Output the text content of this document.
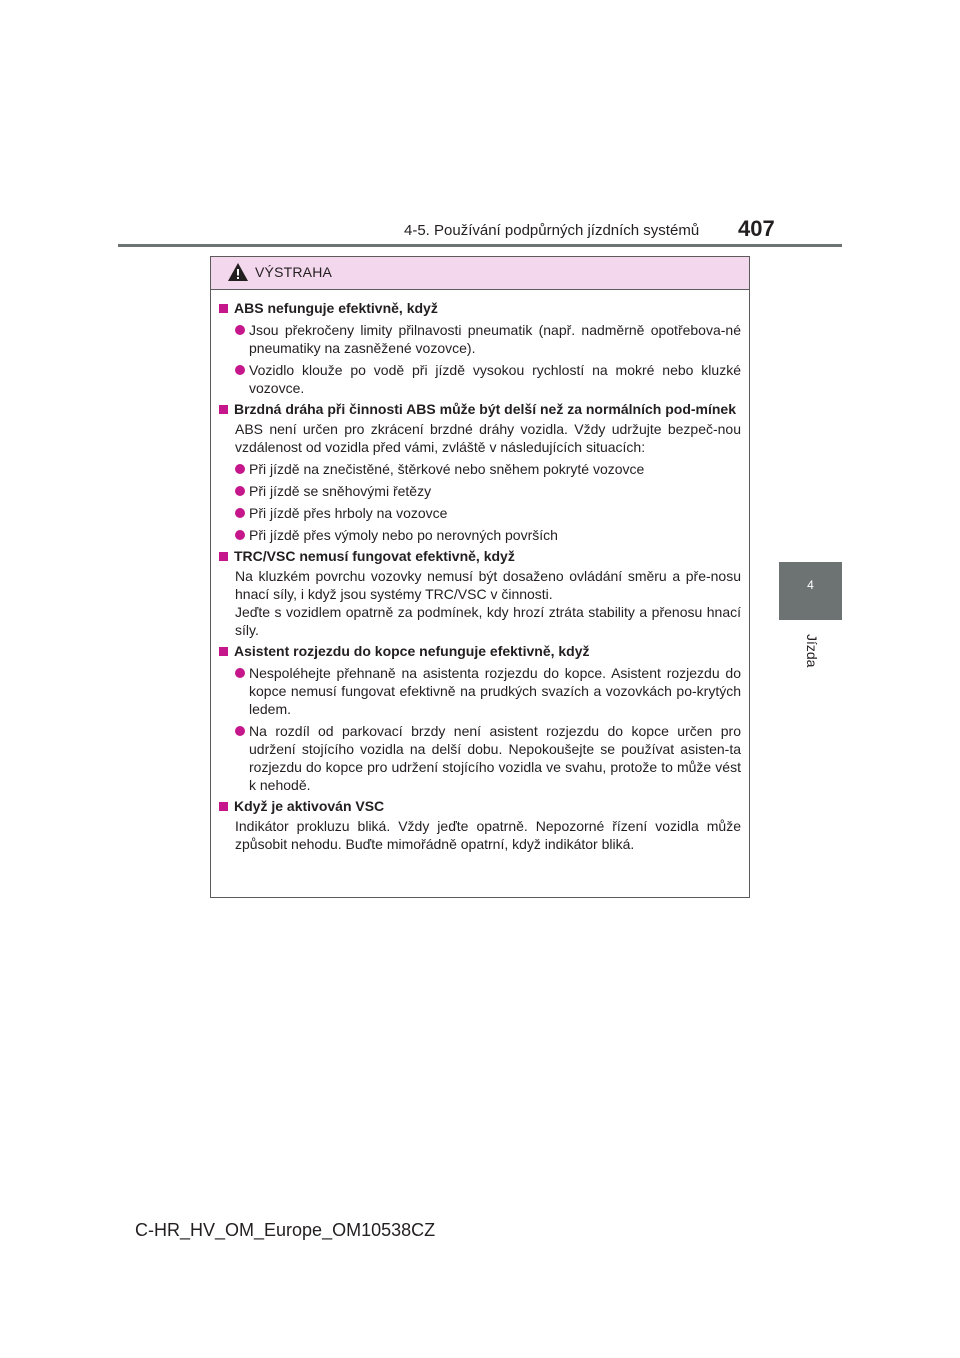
4-5. Používání podpůrných jízdních systémů 407
4
Jízda
VÝSTRAHA
ABS nefunguje efektivně, když
Jsou překročeny limity přilnavosti pneumatik (např. nadměrně opotřebova-né pneumatiky na zasněžené vozovce).
Vozidlo klouže po vodě při jízdě vysokou rychlostí na mokré nebo kluzké vozovce.
Brzdná dráha při činnosti ABS může být delší než za normálních pod-mínek
ABS není určen pro zkrácení brzdné dráhy vozidla. Vždy udržujte bezpeč-nou vzdálenost od vozidla před vámi, zvláště v následujících situacích:
Při jízdě na znečistěné, štěrkové nebo sněhem pokryté vozovce
Při jízdě se sněhovými řetězy
Při jízdě přes hrboly na vozovce
Při jízdě přes výmoly nebo po nerovných površích
TRC/VSC nemusí fungovat efektivně, když
Na kluzkém povrchu vozovky nemusí být dosaženo ovládání směru a pře-nosu hnací síly, i když jsou systémy TRC/VSC v činnosti.
Jeďte s vozidlem opatrně za podmínek, kdy hrozí ztráta stability a přenosu hnací síly.
Asistent rozjezdu do kopce nefunguje efektivně, když
Nespoléhejte přehnaně na asistenta rozjezdu do kopce. Asistent rozjezdu do kopce nemusí fungovat efektivně na prudkých svazích a vozovkách po-krytých ledem.
Na rozdíl od parkovací brzdy není asistent rozjezdu do kopce určen pro udržení stojícího vozidla na delší dobu. Nepokoušejte se používat asisten-ta rozjezdu do kopce pro udržení stojícího vozidla ve svahu, protože to může vést k nehodě.
Když je aktivován VSC
Indikátor prokluzu bliká. Vždy jeďte opatrně. Nepozorné řízení vozidla může způsobit nehodu. Buďte mimořádně opatrní, když indikátor bliká.
C-HR_HV_OM_Europe_OM10538CZ
